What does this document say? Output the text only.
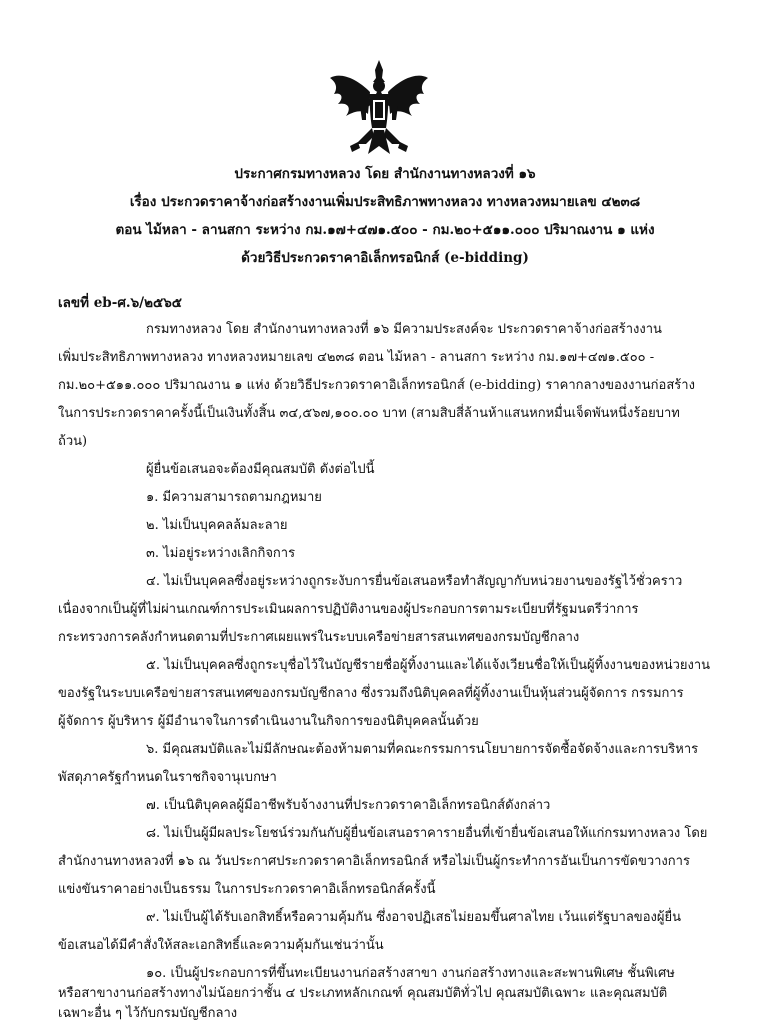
ประกาศกรมทางหลวง โดย สำนักงานทางหลวงที่ ๑๖
เรื่อง ประกวดราคาจ้างก่อสร้างงานเพิ่มประสิทธิภาพทางหลวง ทางหลวงหมายเลข ๔๒๓๘
ตอน ไม้หลา - ลานสกา ระหว่าง กม.๑๗+๔๗๑.๕๐๐ - กม.๒๐+๕๑๑.๐๐๐ ปริมาณงาน ๑ แห่ง
ด้วยวิธีประกวดราคาอิเล็กทรอนิกส์ (e-bidding)
เลขที่ eb-ศ.๖/๒๕๖๕
กรมทางหลวง โดย สำนักงานทางหลวงที่ ๑๖ มีความประสงค์จะ ประกวดราคาจ้างก่อสร้างงาน
เพิ่มประสิทธิภาพทางหลวง ทางหลวงหมายเลข ๔๒๓๘ ตอน ไม้หลา - ลานสกา ระหว่าง กม.๑๗+๔๗๑.๕๐๐ -
กม.๒๐+๕๑๑.๐๐๐ ปริมาณงาน ๑ แห่ง ด้วยวิธีประกวดราคาอิเล็กทรอนิกส์ (e-bidding) ราคากลางของงานก่อสร้าง
ในการประกวดราคาครั้งนี้เป็นเงินทั้งสิ้น ๓๔,๕๖๗,๑๐๐.๐๐ บาท (สามสิบสี่ล้านห้าแสนหกหมื่นเจ็ดพันหนึ่งร้อยบาท
ถ้วน)
ผู้ยื่นข้อเสนอจะต้องมีคุณสมบัติ ดังต่อไปนี้
๑. มีความสามารถตามกฎหมาย
๒. ไม่เป็นบุคคลล้มละลาย
๓. ไม่อยู่ระหว่างเลิกกิจการ
๔. ไม่เป็นบุคคลซึ่งอยู่ระหว่างถูกระงับการยื่นข้อเสนอหรือทำสัญญากับหน่วยงานของรัฐไว้ชั่วคราว
เนื่องจากเป็นผู้ที่ไม่ผ่านเกณฑ์การประเมินผลการปฏิบัติงานของผู้ประกอบการตามระเบียบที่รัฐมนตรีว่าการ
กระทรวงการคลังกำหนดตามที่ประกาศเผยแพร่ในระบบเครือข่ายสารสนเทศของกรมบัญชีกลาง
๕. ไม่เป็นบุคคลซึ่งถูกระบุชื่อไว้ในบัญชีรายชื่อผู้ทิ้งงานและได้แจ้งเวียนชื่อให้เป็นผู้ทิ้งงานของหน่วยงาน
ของรัฐในระบบเครือข่ายสารสนเทศของกรมบัญชีกลาง ซึ่งรวมถึงนิติบุคคลที่ผู้ทิ้งงานเป็นหุ้นส่วนผู้จัดการ กรรมการ
ผู้จัดการ ผู้บริหาร ผู้มีอำนาจในการดำเนินงานในกิจการของนิติบุคคลนั้นด้วย
๖. มีคุณสมบัติและไม่มีลักษณะต้องห้ามตามที่คณะกรรมการนโยบายการจัดซื้อจัดจ้างและการบริหาร
พัสดุภาครัฐกำหนดในราชกิจจานุเบกษา
๗. เป็นนิติบุคคลผู้มีอาชีพรับจ้างงานที่ประกวดราคาอิเล็กทรอนิกส์ดังกล่าว
๘. ไม่เป็นผู้มีผลประโยชน์ร่วมกันกับผู้ยื่นข้อเสนอราคารายอื่นที่เข้ายื่นข้อเสนอให้แก่กรมทางหลวง โดย
สำนักงานทางหลวงที่ ๑๖ ณ วันประกาศประกวดราคาอิเล็กทรอนิกส์ หรือไม่เป็นผู้กระทำการอันเป็นการขัดขวางการ
แข่งขันราคาอย่างเป็นธรรม ในการประกวดราคาอิเล็กทรอนิกส์ครั้งนี้
๙. ไม่เป็นผู้ได้รับเอกสิทธิ์หรือความคุ้มกัน ซึ่งอาจปฏิเสธไม่ยอมขึ้นศาลไทย เว้นแต่รัฐบาลของผู้ยื่น
ข้อเสนอได้มีคำสั่งให้สละเอกสิทธิ์และความคุ้มกันเช่นว่านั้น
๑๐. เป็นผู้ประกอบการที่ขึ้นทะเบียนงานก่อสร้างสาขา งานก่อสร้างทางและสะพานพิเศษ ชั้นพิเศษ
หรือสาขางานก่อสร้างทางไม่น้อยกว่าชั้น ๔ ประเภทหลักเกณฑ์ คุณสมบัติทั่วไป คุณสมบัติเฉพาะ และคุณสมบัติ
เฉพาะอื่น ๆ ไว้กับกรมบัญชีกลาง
